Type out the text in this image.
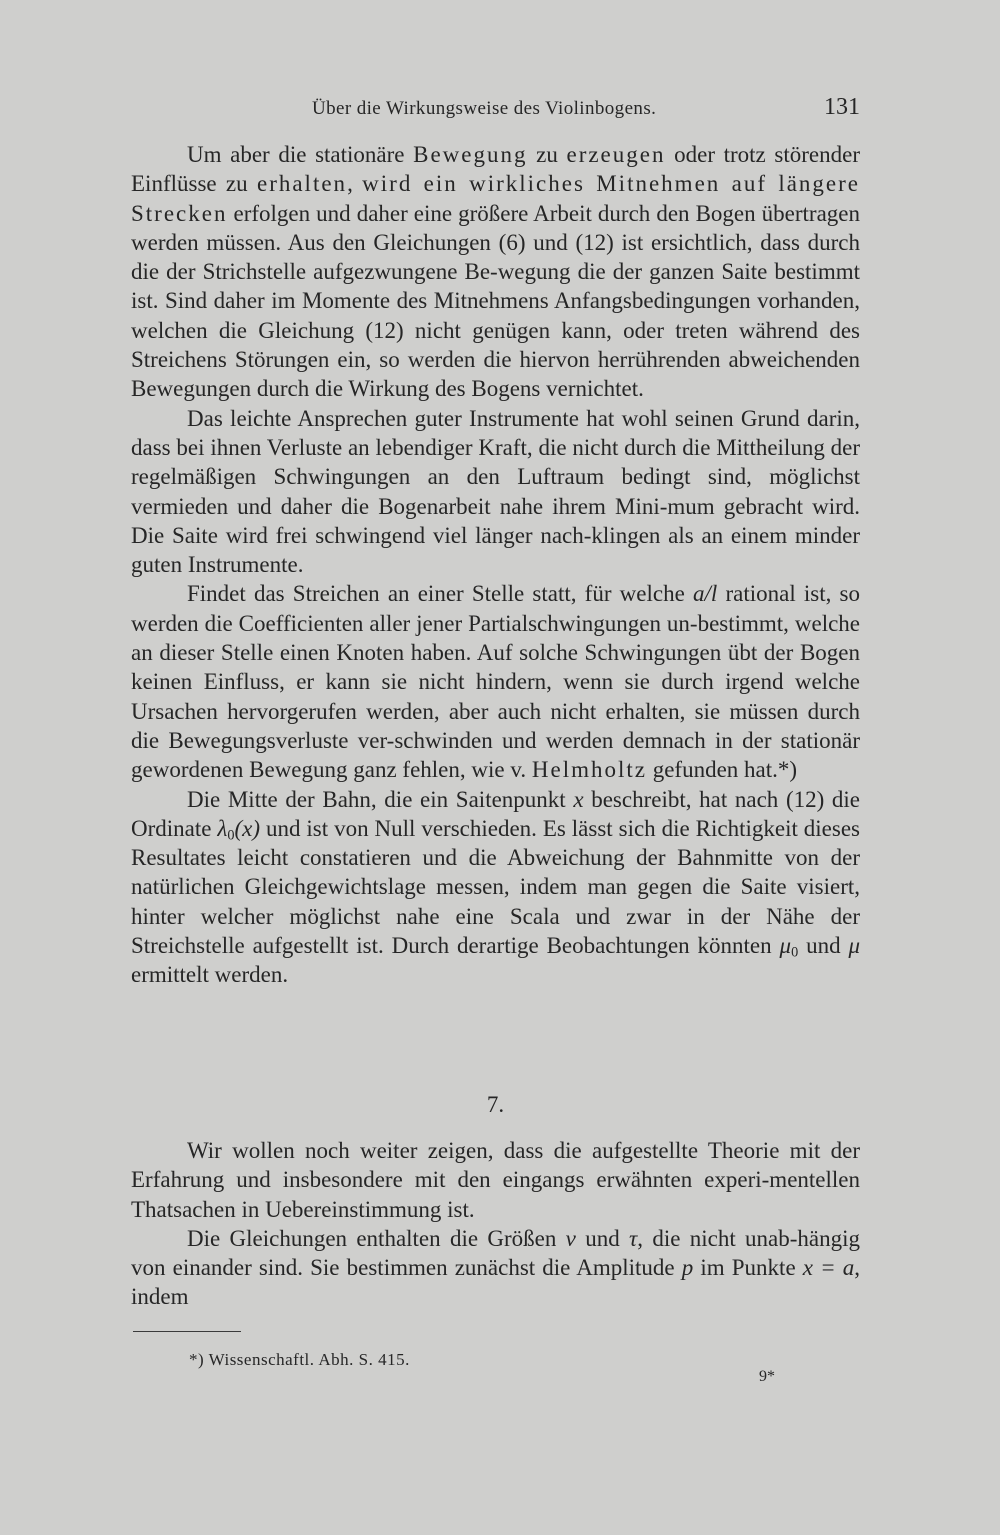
Über die Wirkungsweise des Violinbogens.	131

Um aber die stationäre Bewegung zu erzeugen oder trotz störender Einflüsse zu erhalten, wird ein wirkliches Mitnehmen auf längere Strecken erfolgen und daher eine größere Arbeit durch den Bogen übertragen werden müssen. Aus den Gleichungen (6) und (12) ist ersichtlich, dass durch die der Strichstelle aufgezwungene Be-wegung die der ganzen Saite bestimmt ist. Sind daher im Momente des Mitnehmens Anfangsbedingungen vorhanden, welchen die Gleichung (12) nicht genügen kann, oder treten während des Streichens Störungen ein, so werden die hiervon herrührenden abweichenden Bewegungen durch die Wirkung des Bogens vernichtet.

Das leichte Ansprechen guter Instrumente hat wohl seinen Grund darin, dass bei ihnen Verluste an lebendiger Kraft, die nicht durch die Mittheilung der regelmäßigen Schwingungen an den Luftraum bedingt sind, möglichst vermieden und daher die Bogenarbeit nahe ihrem Mini-mum gebracht wird. Die Saite wird frei schwingend viel länger nach-klingen als an einem minder guten Instrumente.

Findet das Streichen an einer Stelle statt, für welche a/l rational ist, so werden die Coefficienten aller jener Partialschwingungen un-bestimmt, welche an dieser Stelle einen Knoten haben. Auf solche Schwingungen übt der Bogen keinen Einfluss, er kann sie nicht hindern, wenn sie durch irgend welche Ursachen hervorgerufen werden, aber auch nicht erhalten, sie müssen durch die Bewegungsverluste ver-schwinden und werden demnach in der stationär gewordenen Bewegung ganz fehlen, wie v. Helmholtz gefunden hat.*)

Die Mitte der Bahn, die ein Saitenpunkt x beschreibt, hat nach (12) die Ordinate $\lambda_0(x)$ und ist von Null verschieden. Es lässt sich die Richtigkeit dieses Resultates leicht constatieren und die Abweichung der Bahnmitte von der natürlichen Gleichgewichtslage messen, indem man gegen die Saite visiert, hinter welcher möglichst nahe eine Scala und zwar in der Nähe der Streichstelle aufgestellt ist. Durch derartige Beobachtungen könnten $\mu_0$ und μ ermittelt werden.

7.

Wir wollen noch weiter zeigen, dass die aufgestellte Theorie mit der Erfahrung und insbesondere mit den eingangs erwähnten experi-mentellen Thatsachen in Uebereinstimmung ist.

Die Gleichungen enthalten die Größen v und τ, die nicht unab-hängig von einander sind. Sie bestimmen zunächst die Amplitude p im Punkte x = a, indem

*) Wissenschaftl. Abh. S. 415.
9*
